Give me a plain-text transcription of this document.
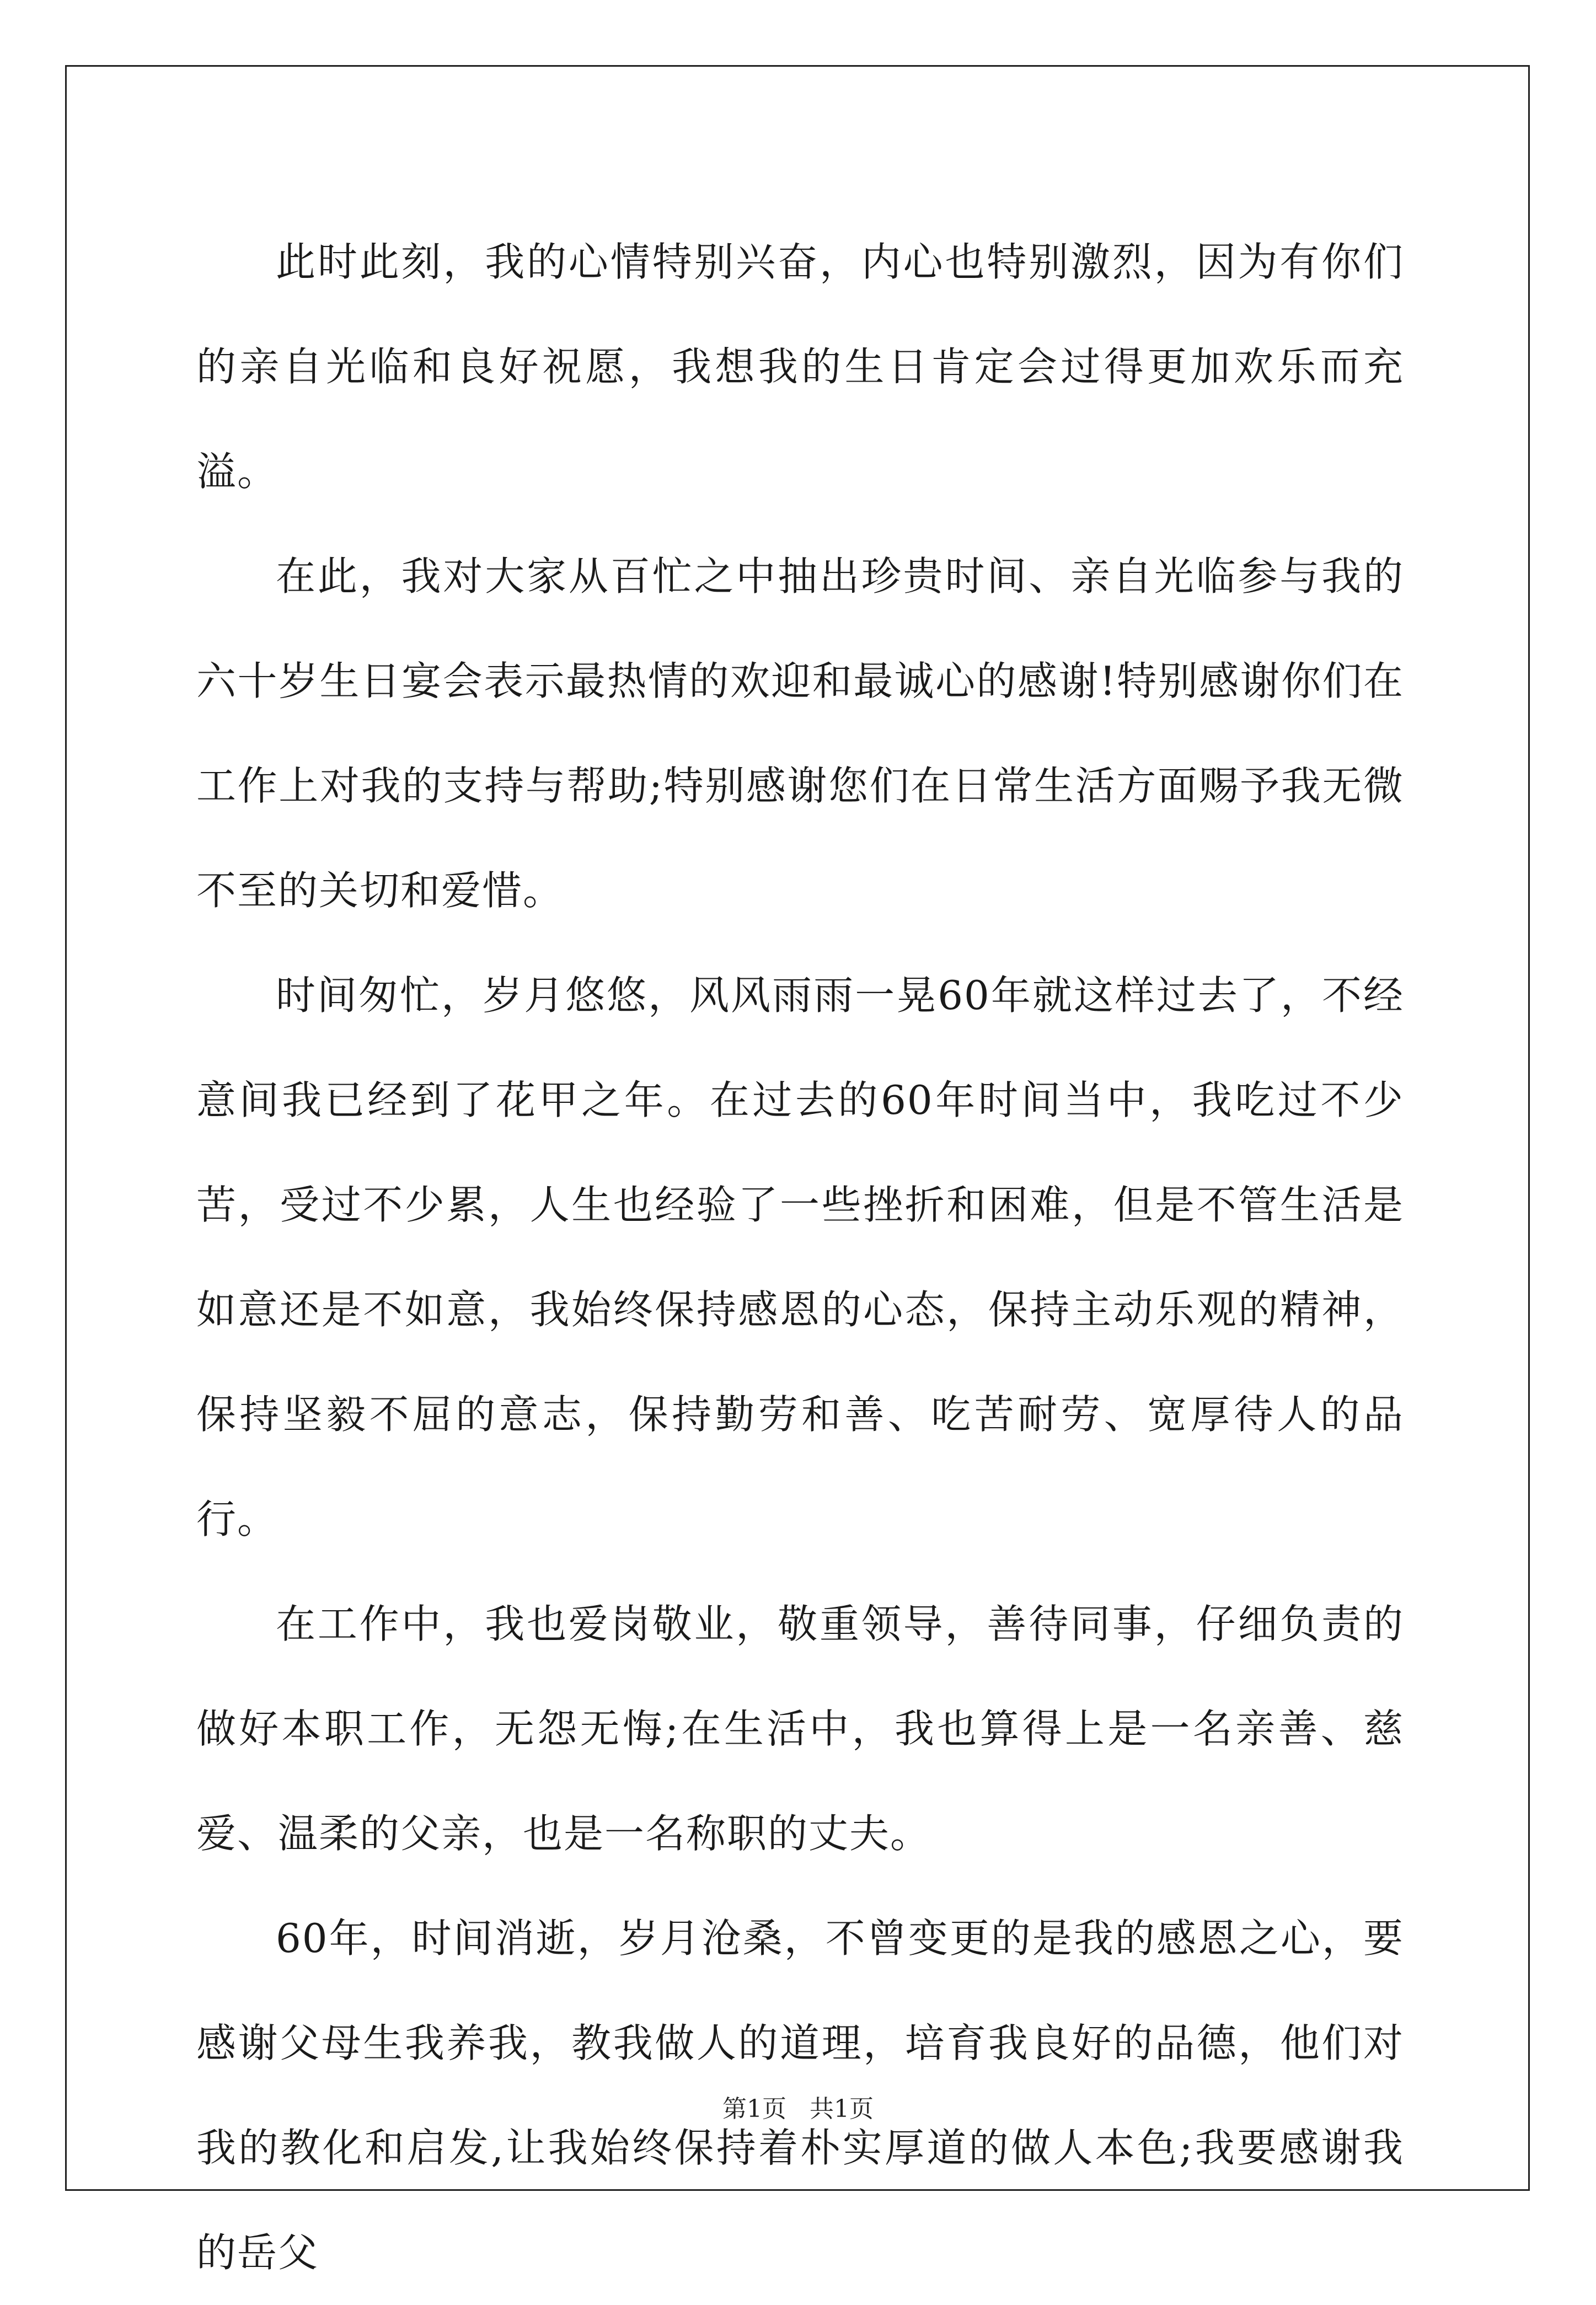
此时此刻，我的心情特别兴奋，内心也特别激烈，因为有你们的亲自光临和良好祝愿，我想我的生日肯定会过得更加欢乐而充溢。

在此，我对大家从百忙之中抽出珍贵时间、亲自光临参与我的六十岁生日宴会表示最热情的欢迎和最诚心的感谢!特别感谢你们在工作上对我的支持与帮助;特别感谢您们在日常生活方面赐予我无微不至的关切和爱惜。

时间匆忙，岁月悠悠，风风雨雨一晃60年就这样过去了，不经意间我已经到了花甲之年。在过去的60年时间当中，我吃过不少苦，受过不少累，人生也经验了一些挫折和困难，但是不管生活是如意还是不如意，我始终保持感恩的心态，保持主动乐观的精神，保持坚毅不屈的意志，保持勤劳和善、吃苦耐劳、宽厚待人的品行。

在工作中，我也爱岗敬业，敬重领导，善待同事，仔细负责的做好本职工作，无怨无悔;在生活中，我也算得上是一名亲善、慈爱、温柔的父亲，也是一名称职的丈夫。

60年，时间消逝，岁月沧桑，不曾变更的是我的感恩之心，要感谢父母生我养我，教我做人的道理，培育我良好的品德，他们对我的教化和启发,让我始终保持着朴实厚道的做人本色;我要感谢我的岳父

第1页   共1页
